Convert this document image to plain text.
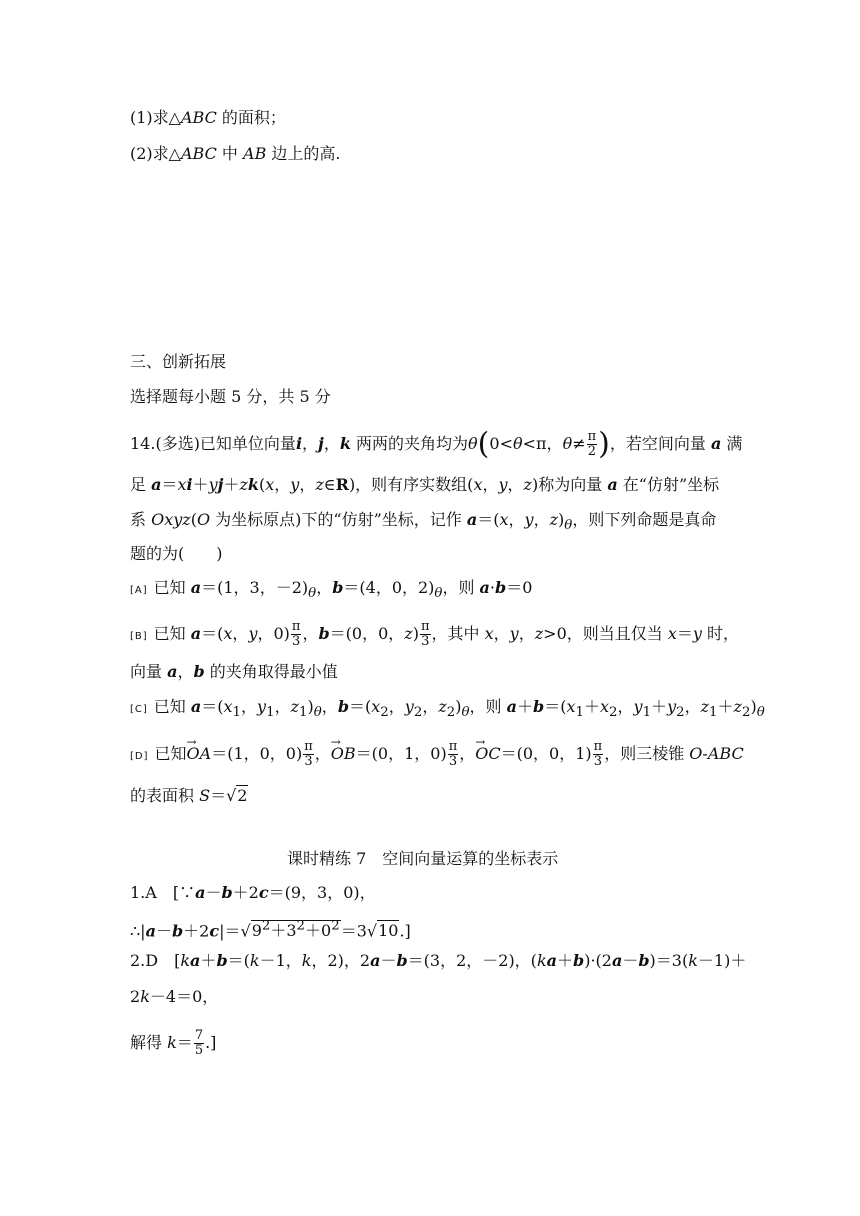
(1)求△ABC 的面积；
(2)求△ABC 中 AB 边上的高.
三、创新拓展
选择题每小题 5 分，共 5 分
14.(多选)已知单位向量i，j，k 两两的夹角均为θ(0<θ<π，$\theta\ne \frac{\pi}{2}$ )，若空间向量 a 满
足 a＝xi＋yj＋zk(x，y，z∈R)，则有序实数组(x，y，z)称为向量 a 在“仿射”坐标
系 Oxyz(O 为坐标原点)下的“仿射”坐标，记作 a＝(x，y，$z)_\theta$，则下列命题是真命
题的为(　　)
[A] 已知 a＝(1，3，$-2)_\theta$，b＝(4，0，$2)_\theta$，则 a·b＝0
[B] 已知 a＝(x，y，$0) \frac{\pi}{3}$ ，b＝(0，0，$z) \frac{\pi}{3}$ ，其中 x，y，z>0，则当且仅当 x＝y 时，
向量 a，b 的夹角取得最小值
[C] 已知 $a=(x_1$，$y_1$，$z_1)_\theta$，$b=(x_2$，$y_2$，$z_2)_\theta$，则 $a+b=(x_1+x_2$，$y_1+y_2$，$z_1+z_2)_\theta$
[D] 已知→ OA＝(1，0，$0) \frac{\pi}{3}$ ，→ OB＝(0，1，$0) \frac{\pi}{3}$ ，→ OC＝(0，0，$1) \frac{\pi}{3}$ ，则三棱锥 O-ABC
的表面积 S＝√2
课时精练 7　空间向量运算的坐标表示
1.A　[∵a－b＋2c＝(9，3，0)，
$\therefore|a-b+2c|=√9^2+3^2+0^2=3√10$.]
2.D　[ka＋b＝(k－1，k，2)，2a－b＝(3，2，－2)，(ka＋b)·(2a－b)＝3(k－1)＋
2k－4＝0，
解得 $k= \frac{7}{5}$ .]
